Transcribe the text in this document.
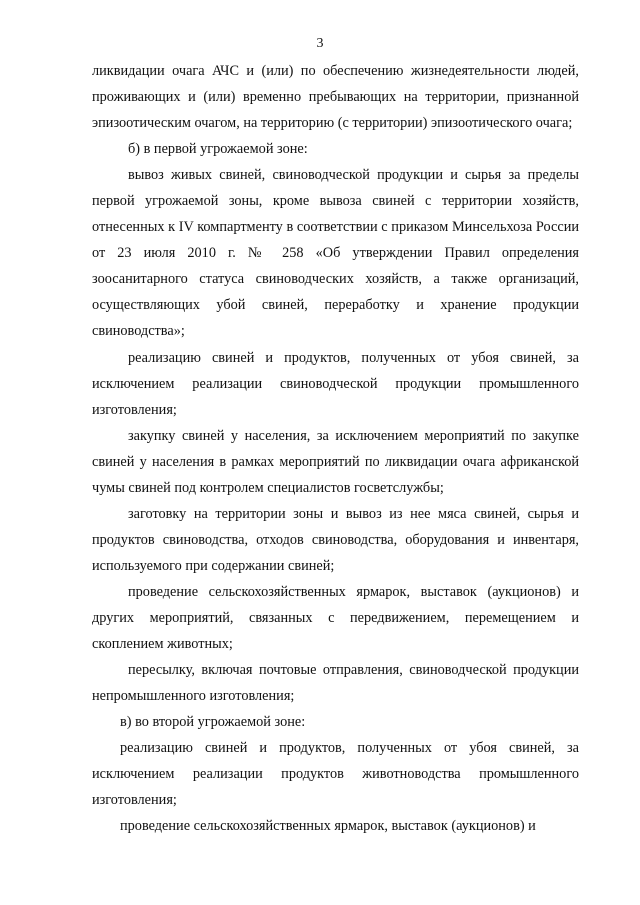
3

ликвидации очага АЧС и (или) по обеспечению жизнедеятельности людей, проживающих и (или) временно пребывающих на территории, признанной эпизоотическим очагом, на территорию (с территории) эпизоотического очага;

б) в первой угрожаемой зоне:

вывоз живых свиней, свиноводческой продукции и сырья за пределы первой угрожаемой зоны, кроме вывоза свиней с территории хозяйств, отнесенных к IV компартменту в соответствии с приказом Минсельхоза России от 23 июля 2010 г. № 258 «Об утверждении Правил определения зоосанитарного статуса свиноводческих хозяйств, а также организаций, осуществляющих убой свиней, переработку и хранение продукции свиноводства»;

реализацию свиней и продуктов, полученных от убоя свиней, за исключением реализации свиноводческой продукции промышленного изготовления;

закупку свиней у населения, за исключением мероприятий по закупке свиней у населения в рамках мероприятий по ликвидации очага африканской чумы свиней под контролем специалистов госветслужбы;

заготовку на территории зоны и вывоз из нее мяса свиней, сырья и продуктов свиноводства, отходов свиноводства, оборудования и инвентаря, используемого при содержании свиней;

проведение сельскохозяйственных ярмарок, выставок (аукционов) и других мероприятий, связанных с передвижением, перемещением и скоплением животных;

пересылку, включая почтовые отправления, свиноводческой продукции непромышленного изготовления;

в) во второй угрожаемой зоне:

реализацию свиней и продуктов, полученных от убоя свиней, за исключением реализации продуктов животноводства промышленного изготовления;

проведение сельскохозяйственных ярмарок, выставок (аукционов) и
